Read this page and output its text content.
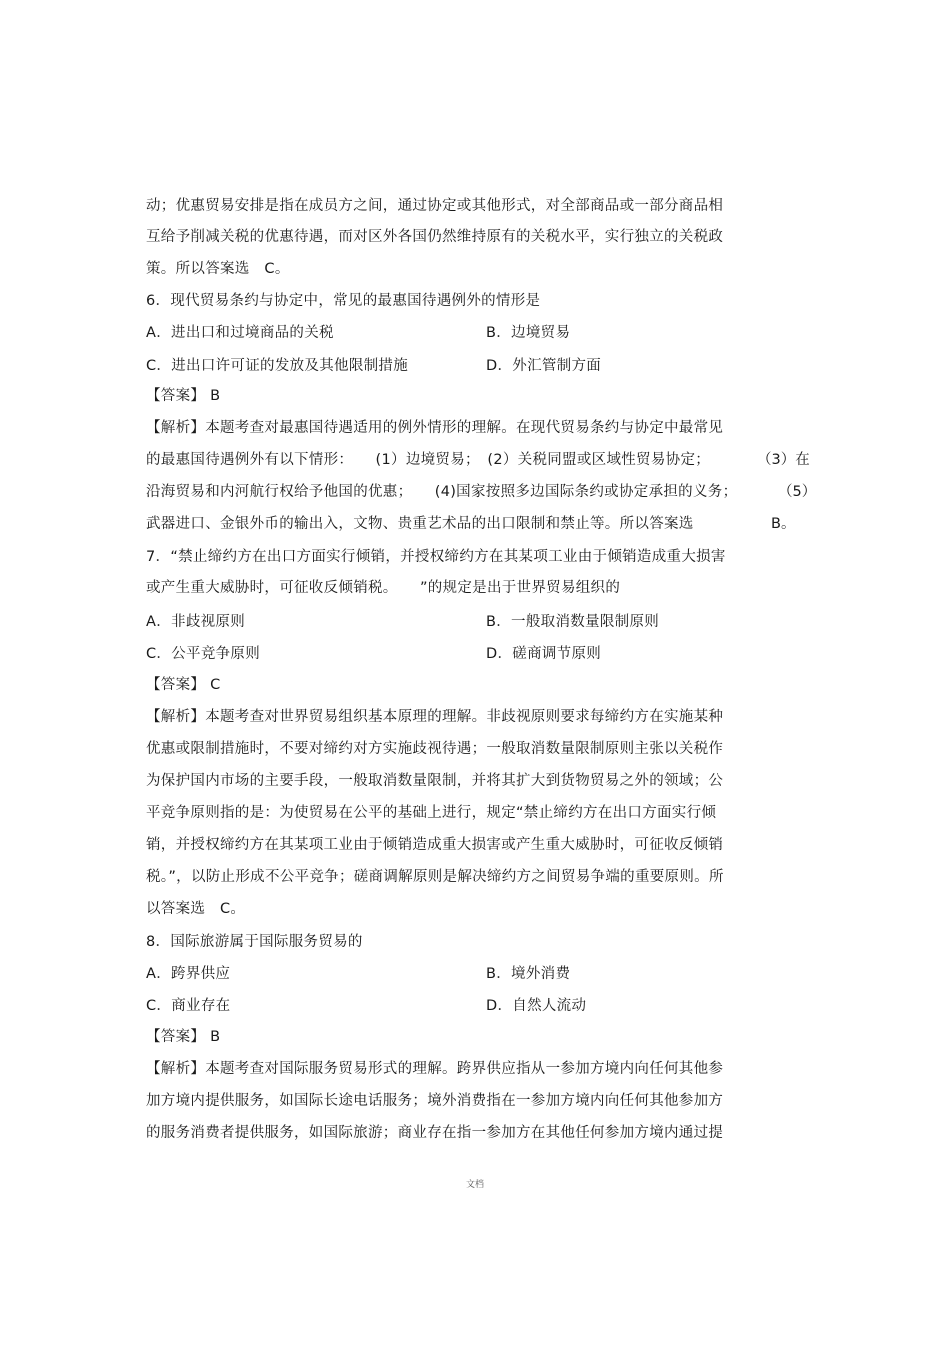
动；优惠贸易安排是指在成员方之间，通过协定或其他形式，对全部商品或一部分商品相
互给予削减关税的优惠待遇，而对区外各国仍然维持原有的关税水平，实行独立的关税政
策。所以答案选　C。
6．现代贸易条约与协定中，常见的最惠国待遇例外的情形是
A．进出口和过境商品的关税	B．边境贸易
C．进出口许可证的发放及其他限制措施	D．外汇管制方面
【答案】 B
【解析】本题考查对最惠国待遇适用的例外情形的理解。在现代贸易条约与协定中最常见
的最惠国待遇例外有以下情形：　　(1）边境贸易；　(2）关税同盟或区域性贸易协定；	（3）在
沿海贸易和内河航行权给予他国的优惠；　　(4)国家按照多边国际条约或协定承担的义务；	（5）
武器进口、金银外币的输出入，文物、贵重艺术品的出口限制和禁止等。所以答案选	B。
7．“禁止缔约方在出口方面实行倾销，并授权缔约方在其某项工业由于倾销造成重大损害
或产生重大威胁时，可征收反倾销税。　　”的规定是出于世界贸易组织的
A．非歧视原则	B．一般取消数量限制原则
C．公平竞争原则	D．磋商调节原则
【答案】 C
【解析】本题考查对世界贸易组织基本原理的理解。非歧视原则要求每缔约方在实施某种
优惠或限制措施时，不要对缔约对方实施歧视待遇；一般取消数量限制原则主张以关税作
为保护国内市场的主要手段，一般取消数量限制，并将其扩大到货物贸易之外的领域；公
平竞争原则指的是：为使贸易在公平的基础上进行，规定“禁止缔约方在出口方面实行倾
销，并授权缔约方在其某项工业由于倾销造成重大损害或产生重大威胁时，可征收反倾销
税。”，以防止形成不公平竞争；磋商调解原则是解决缔约方之间贸易争端的重要原则。所
以答案选　C。
8．国际旅游属于国际服务贸易的
A．跨界供应	B．境外消费
C．商业存在	D．自然人流动
【答案】 B
【解析】本题考查对国际服务贸易形式的理解。跨界供应指从一参加方境内向任何其他参
加方境内提供服务，如国际长途电话服务；境外消费指在一参加方境内向任何其他参加方
的服务消费者提供服务，如国际旅游；商业存在指一参加方在其他任何参加方境内通过提
文档
